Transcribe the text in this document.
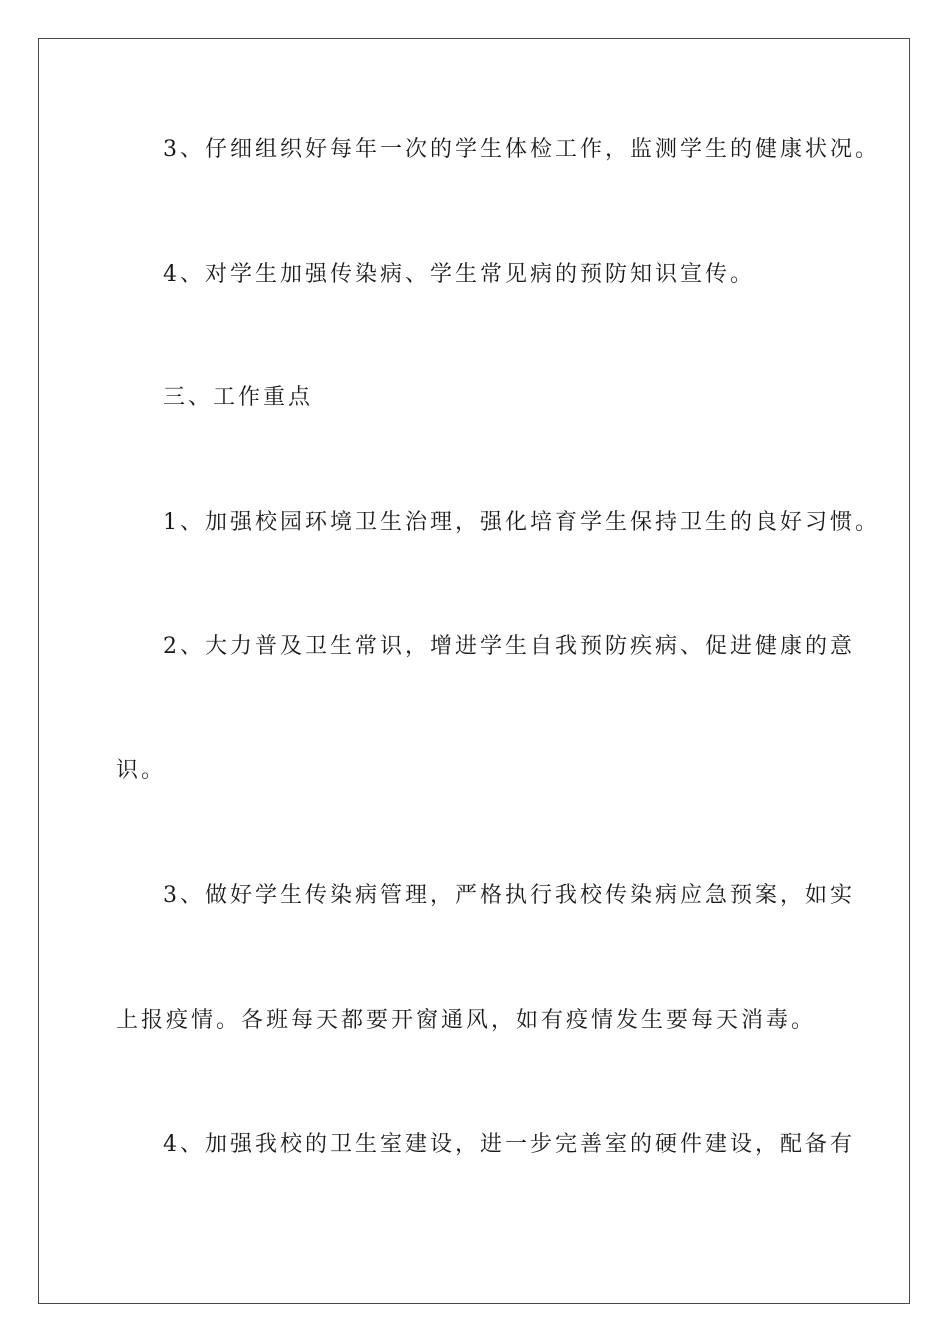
3、仔细组织好每年一次的学生体检工作，监测学生的健康状况。
4、对学生加强传染病、学生常见病的预防知识宣传。
三、工作重点
1、加强校园环境卫生治理，强化培育学生保持卫生的良好习惯。
2、大力普及卫生常识，增进学生自我预防疾病、促进健康的意
识。
3、做好学生传染病管理，严格执行我校传染病应急预案，如实
上报疫情。各班每天都要开窗通风，如有疫情发生要每天消毒。
4、加强我校的卫生室建设，进一步完善室的硬件建设，配备有
